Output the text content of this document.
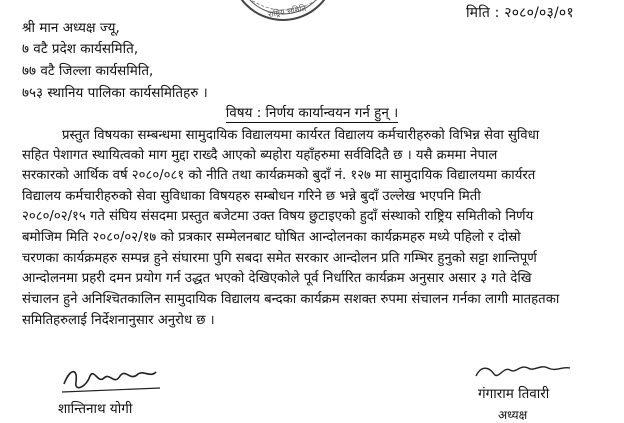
राष्ट्रिय समिति	मिति : २०८०/०३/०१
श्री मान अध्यक्ष ज्यू,
७ वटै प्रदेश कार्यसमिति,
७७ वटै जिल्ला कार्यसमिति,
७५३ स्थानिय पालिका कार्यसमितिहरु ।
विषय : निर्णय कार्यान्वयन गर्न हुन् ।
प्रस्तुत विषयका सम्बन्धमा सामुदायिक विद्यालयमा कार्यरत विद्यालय कर्मचारीहरुको विभिन्न सेवा सुविधा
सहित पेशागत स्थायित्वको माग मुद्दा राख्दै आएको ब्यहोरा यहाँहरुमा सर्वविदितै छ । यसै क्रममा नेपाल
सरकारको आर्थिक वर्ष २०८०/०८१ को नीति तथा कार्यक्रमको बुदाँ नं. १२७ मा सामुदायिक विद्यालयमा कार्यरत
विद्यालय कर्मचारीहरुको सेवा सुविधाका विषयहरु सम्बोधन गरिने छ भन्ने बुदाँ उल्लेख भएपनि मिती
२०८०/०२/१५ गते संघिय संसदमा प्रस्तुत बजेटमा उक्त विषय छुटाइएको हुदाँ संस्थाको राष्ट्रिय समितीको निर्णय
बमोजिम मिति २०८०/०२/१७ को प्रत्रकार सम्मेलनबाट घोषित आन्दोलनका कार्यक्रमहरु मध्ये पहिलो र दोस्रो
चरणका कार्यक्रमहरु सम्पन्न हुने संघारमा पुगि सबदा समेत सरकार आन्दोलन प्रति गम्भिर हुनुको सट्टा शान्तिपूर्ण
आन्दोलनमा प्रहरी दमन प्रयोग गर्न उद्धत भएको देखिएकोले पूर्व निर्धारित कार्यक्रम अनुसार असार ३ गते देखि
संचालन हुने अनिश्चितकालिन सामुदायिक विद्यालय बन्दका कार्यक्रम सशक्त रुपमा संचालन गर्नका लागी मातहतका
समितिहरुलाई निर्देशनानुसार अनुरोध छ ।
शान्तिनाथ योगी
गंगाराम तिवारी
अध्यक्ष
